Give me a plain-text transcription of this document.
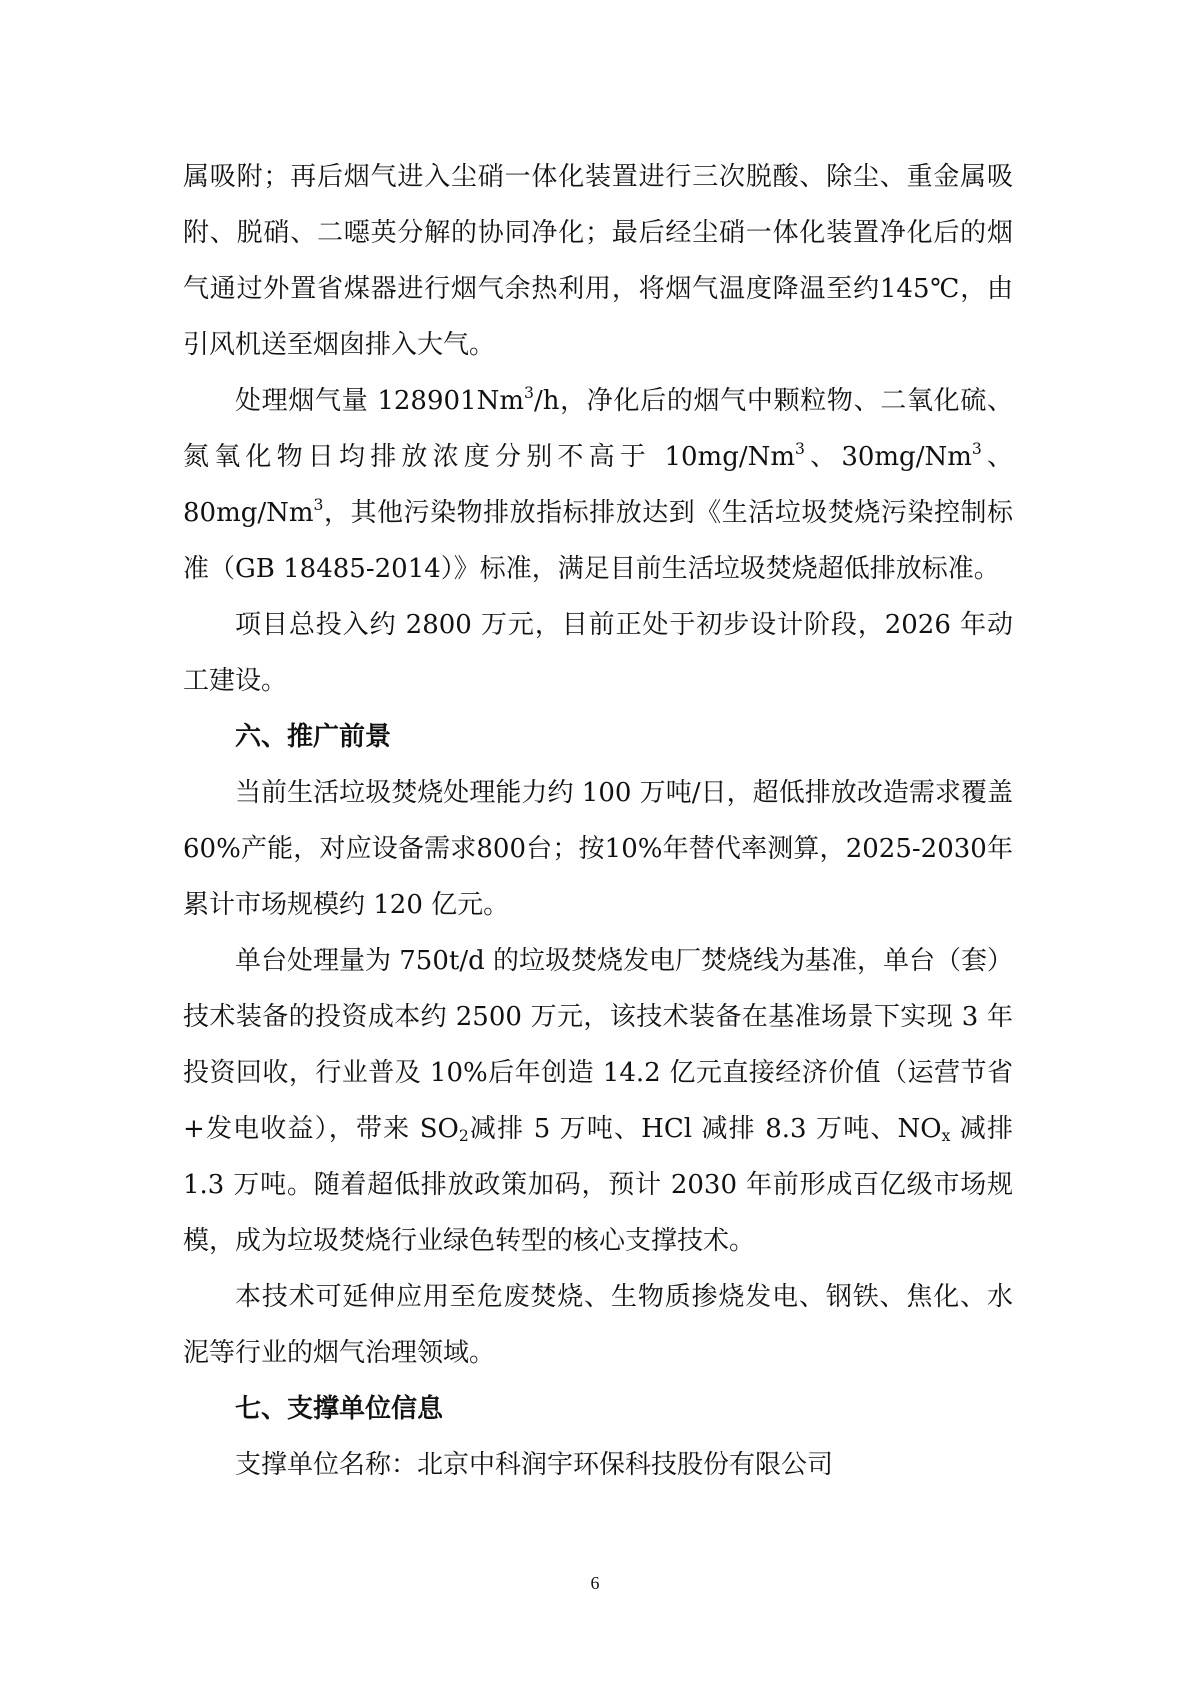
属吸附；再后烟气进入尘硝一体化装置进行三次脱酸、除尘、重金属吸附、脱硝、二噁英分解的协同净化；最后经尘硝一体化装置净化后的烟气通过外置省煤器进行烟气余热利用，将烟气温度降温至约145℃，由引风机送至烟囱排入大气。

处理烟气量 128901Nm$^3$/h，净化后的烟气中颗粒物、二氧化硫、氮氧化物日均排放浓度分别不高于 10mg/Nm$^3$、30mg/Nm$^3$、80mg/Nm$^3$，其他污染物排放指标排放达到《生活垃圾焚烧污染控制标准（GB 18485-2014）》标准，满足目前生活垃圾焚烧超低排放标准。

项目总投入约 2800 万元，目前正处于初步设计阶段，2026 年动工建设。

六、推广前景

当前生活垃圾焚烧处理能力约 100 万吨/日，超低排放改造需求覆盖60%产能，对应设备需求800台；按10%年替代率测算，2025-2030年累计市场规模约 120 亿元。

单台处理量为 750t/d 的垃圾焚烧发电厂焚烧线为基准，单台（套）技术装备的投资成本约 2500 万元，该技术装备在基准场景下实现 3 年投资回收，行业普及 10%后年创造 14.2 亿元直接经济价值（运营节省+发电收益），带来 $SO_2$减排 5 万吨、HCl 减排 8.3 万吨、$NO_x$ 减排 1.3 万吨。随着超低排放政策加码，预计 2030 年前形成百亿级市场规模，成为垃圾焚烧行业绿色转型的核心支撑技术。

本技术可延伸应用至危废焚烧、生物质掺烧发电、钢铁、焦化、水泥等行业的烟气治理领域。

七、支撑单位信息

支撑单位名称：北京中科润宇环保科技股份有限公司

6
